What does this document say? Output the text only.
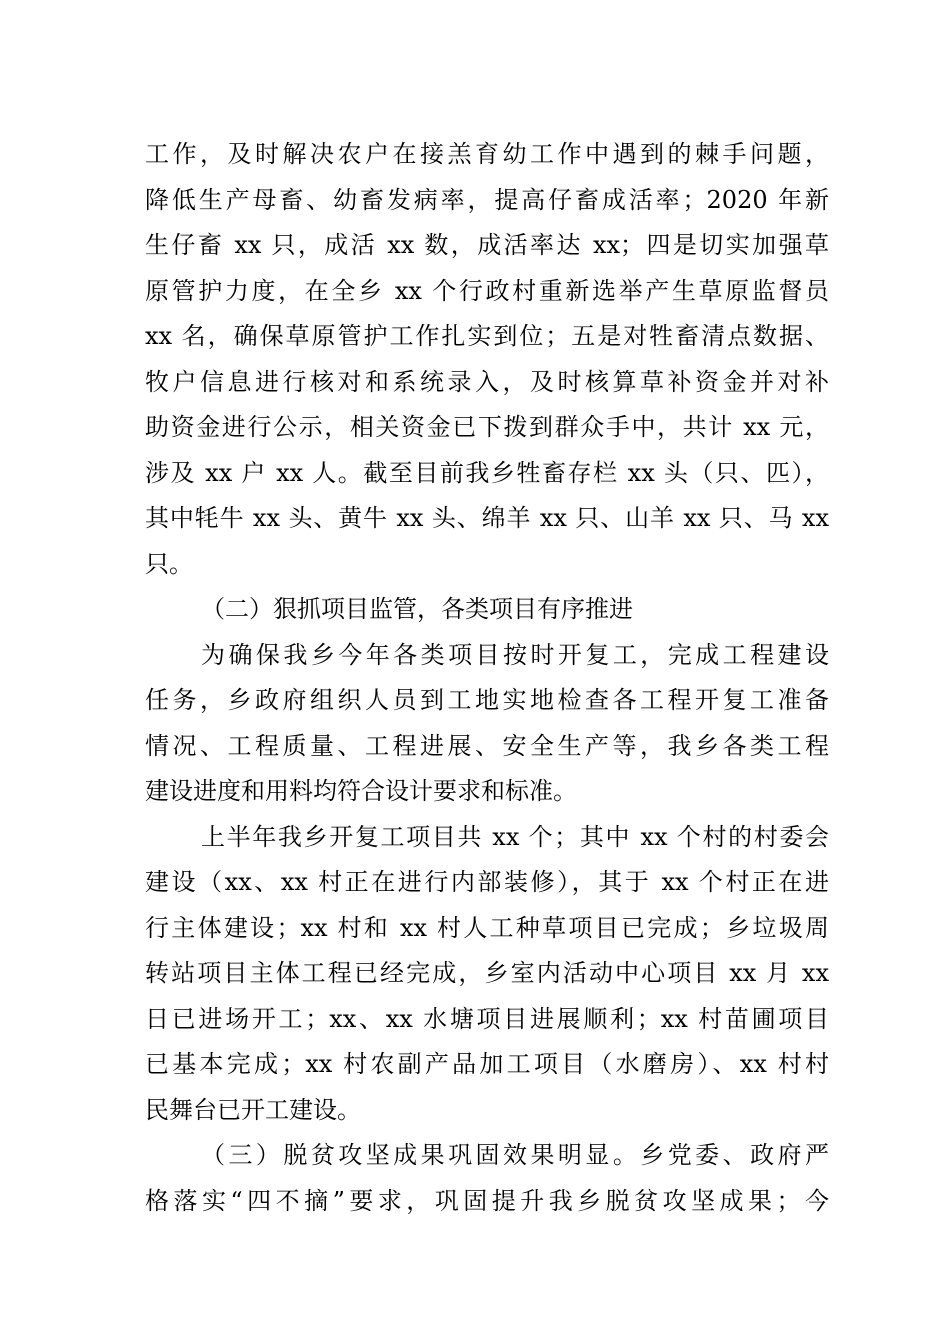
工作，及时解决农户在接羔育幼工作中遇到的棘手问题，
降低生产母畜、幼畜发病率，提高仔畜成活率；2020 年新
生仔畜 xx 只，成活 xx 数，成活率达 xx；四是切实加强草
原管护力度，在全乡 xx 个行政村重新选举产生草原监督员
xx 名，确保草原管护工作扎实到位；五是对牲畜清点数据、
牧户信息进行核对和系统录入，及时核算草补资金并对补
助资金进行公示，相关资金已下拨到群众手中，共计 xx 元，
涉及 xx 户 xx 人。截至目前我乡牲畜存栏 xx 头（只、匹），
其中牦牛 xx 头、黄牛 xx 头、绵羊 xx 只、山羊 xx 只、马 xx
只。
（二）狠抓项目监管，各类项目有序推进
为确保我乡今年各类项目按时开复工，完成工程建设
任务，乡政府组织人员到工地实地检查各工程开复工准备
情况、工程质量、工程进展、安全生产等，我乡各类工程
建设进度和用料均符合设计要求和标准。
上半年我乡开复工项目共 xx 个；其中 xx 个村的村委会
建设（xx、xx 村正在进行内部装修），其于 xx 个村正在进
行主体建设；xx 村和 xx 村人工种草项目已完成；乡垃圾周
转站项目主体工程已经完成，乡室内活动中心项目 xx 月 xx
日已进场开工；xx、xx 水塘项目进展顺利；xx 村苗圃项目
已基本完成；xx 村农副产品加工项目（水磨房）、xx 村村
民舞台已开工建设。
（三）脱贫攻坚成果巩固效果明显。乡党委、政府严
格落实“四不摘”要求，巩固提升我乡脱贫攻坚成果；今
